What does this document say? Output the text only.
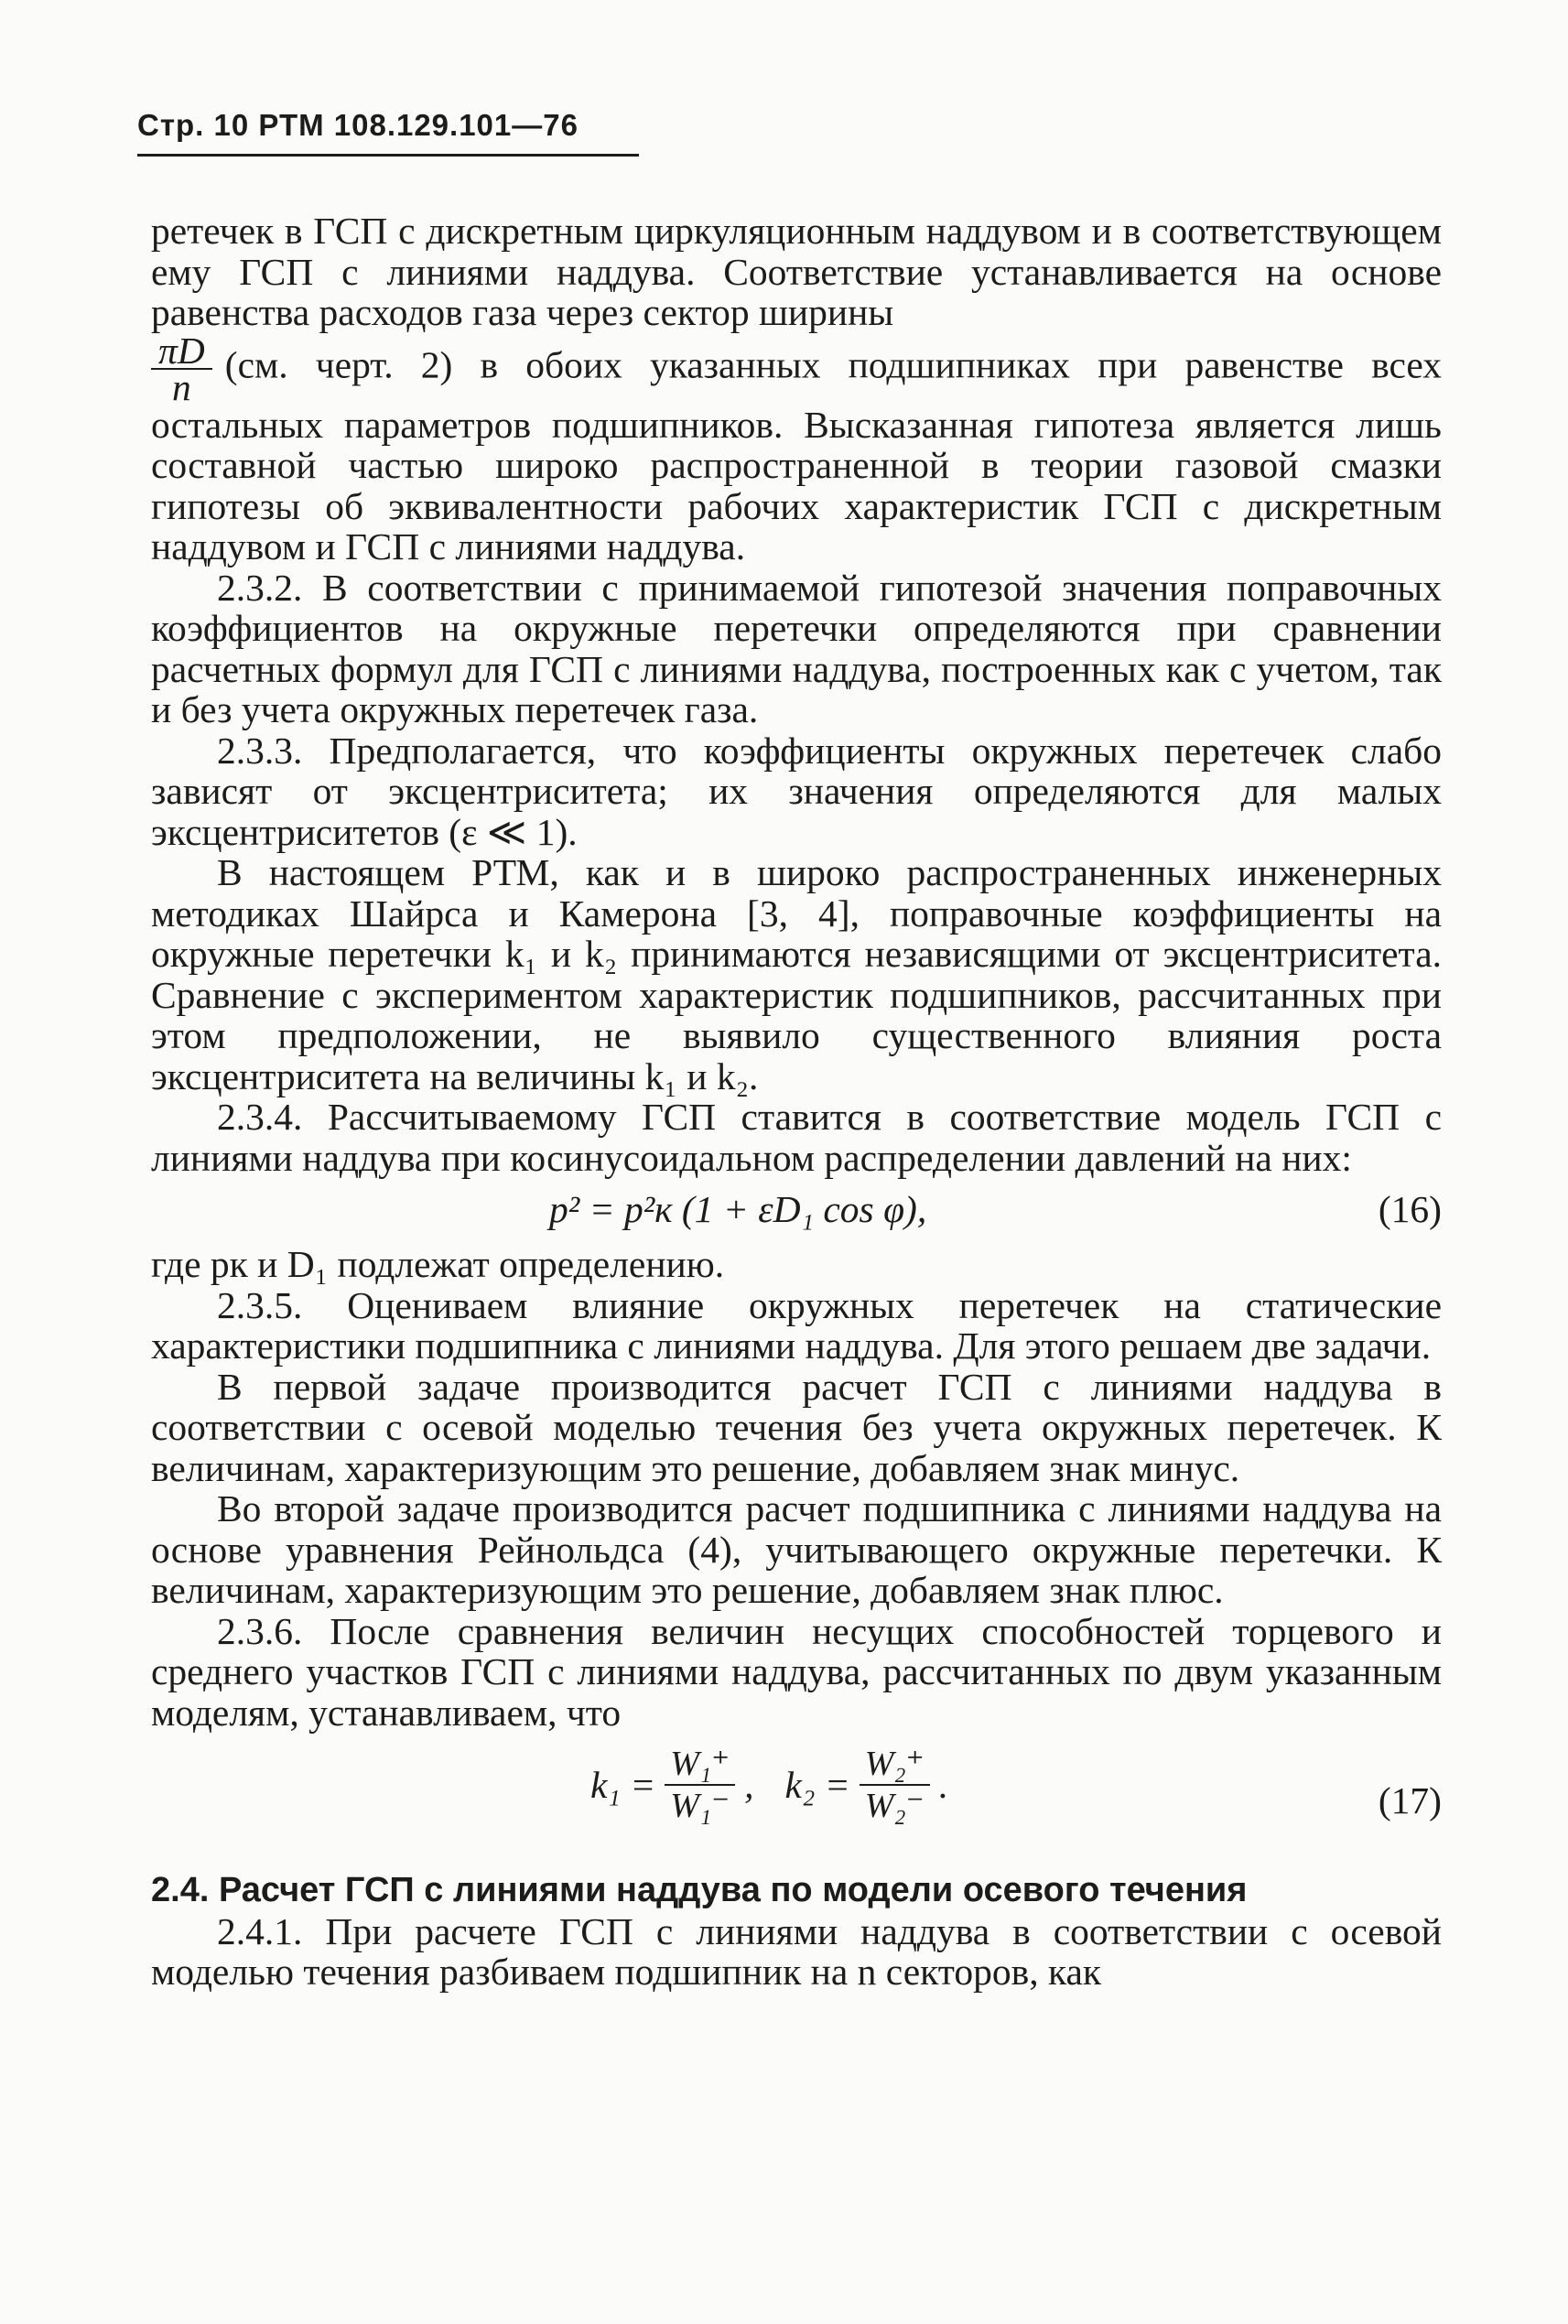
Стр. 10 РТМ 108.129.101—76

ретечек в ГСП с дискретным циркуляционным наддувом и в соответствующем ему ГСП с линиями наддува. Соответствие устанавливается на основе равенства расходов газа через сектор ширины

$\frac{\pi D}{n} (см$. черт. 2) в обоих указанных подшипниках при равенстве всех остальных параметров подшипников. Высказанная гипотеза является лишь составной частью широко распространенной в теории газовой смазки гипотезы об эквивалентности рабочих характеристик ГСП с дискретным наддувом и ГСП с линиями наддува.

2.3.2. В соответствии с принимаемой гипотезой значения поправочных коэффициентов на окружные перетечки определяются при сравнении расчетных формул для ГСП с линиями наддува, построенных как с учетом, так и без учета окружных перетечек газа.

2.3.3. Предполагается, что коэффициенты окружных перетечек слабо зависят от эксцентриситета; их значения определяются для малых эксцентриситетов (ε ≪ 1).

В настоящем РТМ, как и в широко распространенных инженерных методиках Шайрса и Камерона [3, 4], поправочные коэффициенты на окружные перетечки k₁ и k₂ принимаются независящими от эксцентриситета. Сравнение с экспериментом характеристик подшипников, рассчитанных при этом предположении, не выявило существенного влияния роста эксцентриситета на величины k₁ и k₂.

2.3.4. Рассчитываемому ГСП ставится в соответствие модель ГСП с линиями наддува при косинусоидальном распределении давлений на них:

p² = p²к (1 + εD₁ cos φ),	(16)

где pк и D₁ подлежат определению.

2.3.5. Оцениваем влияние окружных перетечек на статические характеристики подшипника с линиями наддува. Для этого решаем две задачи.

В первой задаче производится расчет ГСП с линиями наддува в соответствии с осевой моделью течения без учета окружных перетечек. К величинам, характеризующим это решение, добавляем знак минус.

Во второй задаче производится расчет подшипника с линиями наддува на основе уравнения Рейнольдса (4), учитывающего окружные перетечки. К величинам, характеризующим это решение, добавляем знак плюс.

2.3.6. После сравнения величин несущих способностей торцевого и среднего участков ГСП с линиями наддува, рассчитанных по двум указанным моделям, устанавливаем, что

$k_1 = \frac{\text{W₁⁺}}{\text{W₁⁻}}$ , $k_2 = \frac{\text{W₂⁺}}{\text{W₂⁻}}$ .	(17)

2.4. Расчет ГСП с линиями наддува по модели осевого течения

2.4.1. При расчете ГСП с линиями наддува в соответствии с осевой моделью течения разбиваем подшипник на n секторов, как
